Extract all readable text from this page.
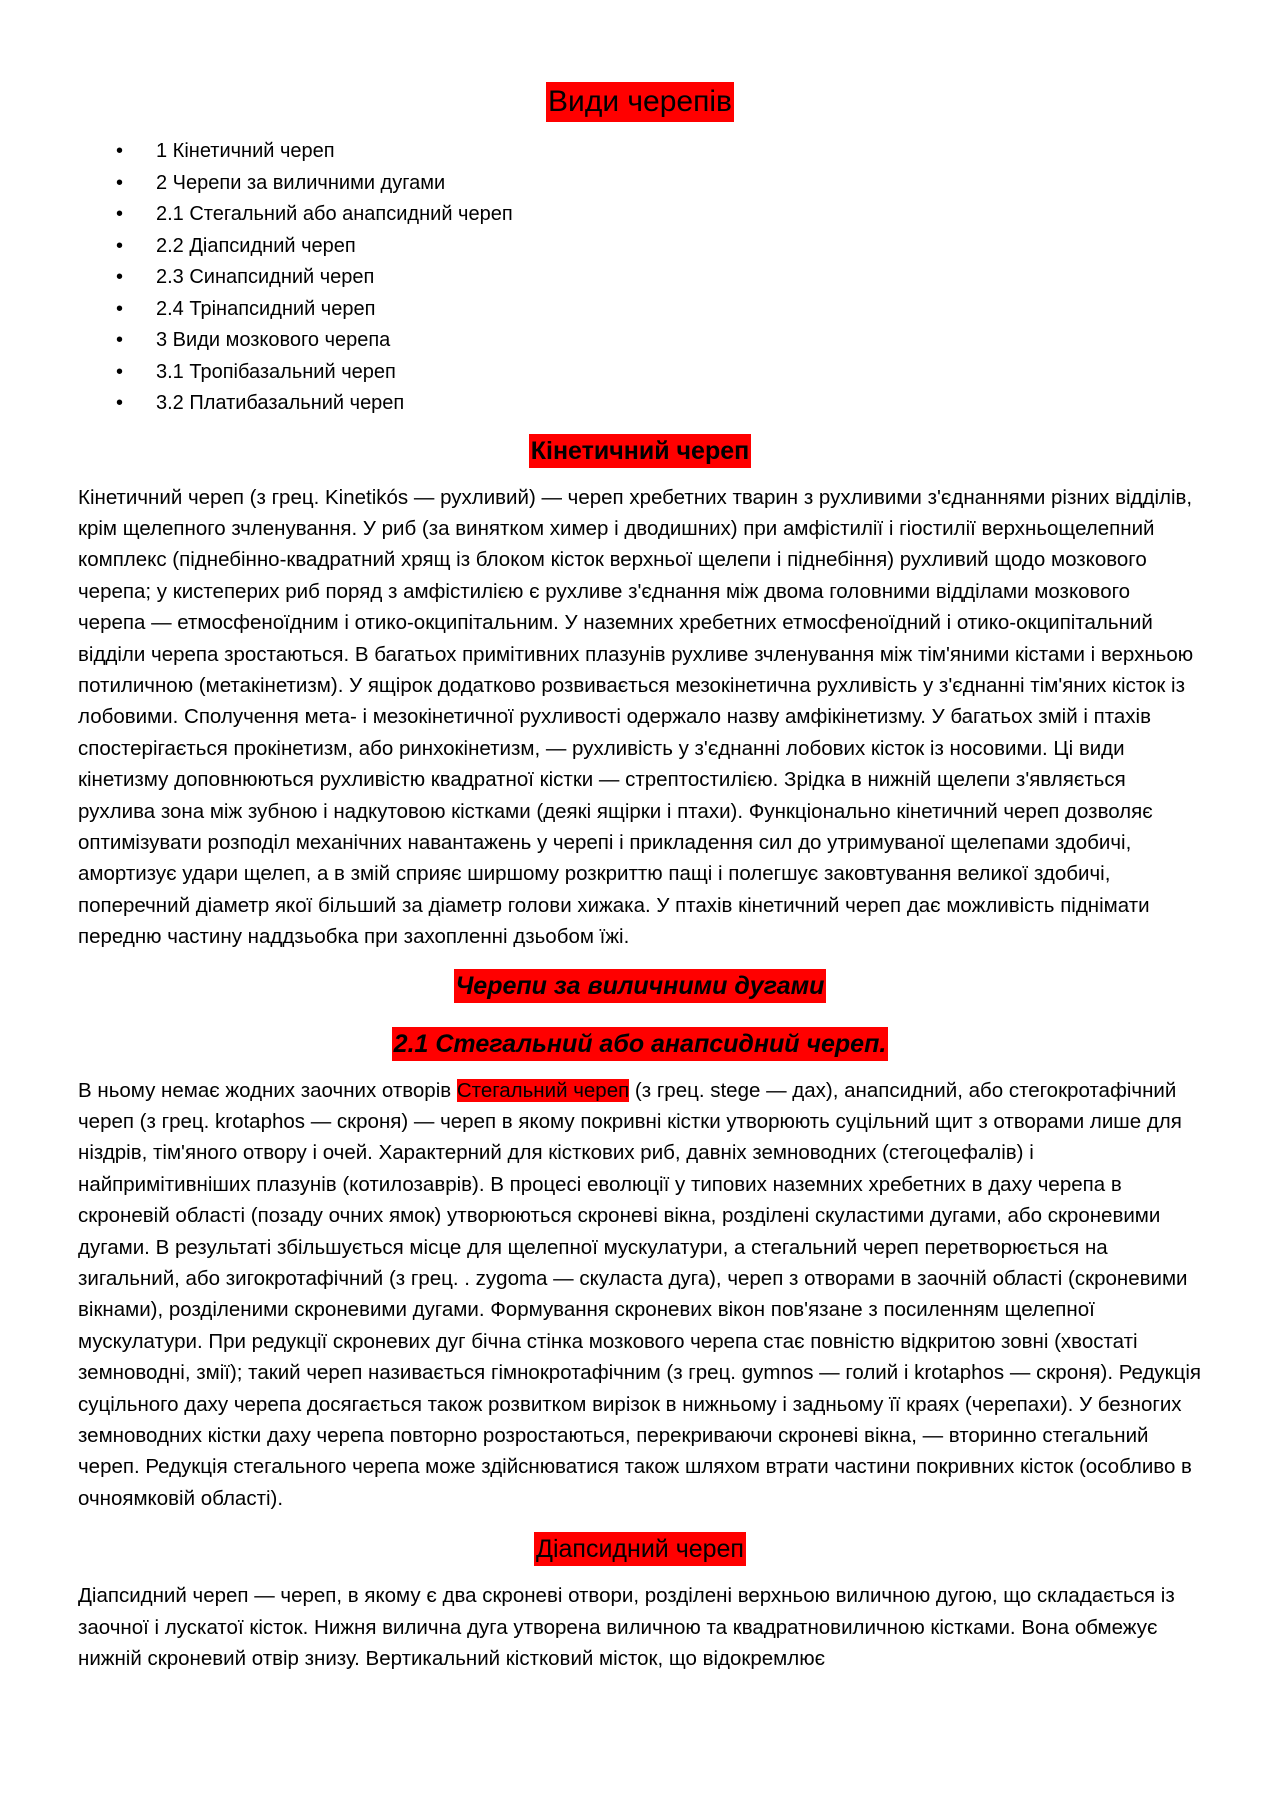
Види черепів
• 1 Кінетичний череп
• 2 Черепи за виличними дугами
• 2.1 Стегальний або анапсидний череп
• 2.2 Діапсидний череп
• 2.3 Синапсидний череп
• 2.4 Трінапсидний череп
• 3 Види мозкового черепа
• 3.1 Тропібазальний череп
• 3.2 Платибазальний череп
Кінетичний череп

Кінетичний череп (з грец. Kinetikós — рухливий) — череп хребетних тварин з рухливими з'єднаннями різних відділів, крім щелепного зчленування. У риб (за винятком химер і дводишних) при амфістилії і гіостилії верхньощелепний комплекс (піднебінно-квадратний хрящ із блоком кісток верхньої щелепи і піднебіння) рухливий щодо мозкового черепа; у кистеперих риб поряд з амфістилією є рухливе з'єднання між двома головними відділами мозкового черепа — етмосфеноїдним і отико-окципітальним. У наземних хребетних етмосфеноїдний і отико-окципітальний відділи черепа зростаються. В багатьох примітивних плазунів рухливе зчленування між тім'яними кістами і верхньою потиличною (метакінетизм). У ящірок додатково розвивається мезокінетична рухливість у з'єднанні тім'яних кісток із лобовими. Сполучення мета- і мезокінетичної рухливості одержало назву амфікінетизму. У багатьох змій і птахів спостерігається прокінетизм, або ринхокінетизм, — рухливість у з'єднанні лобових кісток із носовими. Ці види кінетизму доповнюються рухливістю квадратної кістки — стрептостилією. Зрідка в нижній щелепи з'являється рухлива зона між зубною і надкутовою кістками (деякі ящірки і птахи). Функціонально кінетичний череп дозволяє оптимізувати розподіл механічних навантажень у черепі і прикладення сил до утримуваної щелепами здобичі, амортизує удари щелеп, а в змій сприяє ширшому розкриттю пащі і полегшує заковтування великої здобичі, поперечний діаметр якої більший за діаметр голови хижака. У птахів кінетичний череп дає можливість піднімати передню частину наддзьобка при захопленні дзьобом їжі.

Черепи за виличними дугами
2.1 Стегальний або анапсидний череп.

В ньому немає жодних заочних отворів Стегальний череп (з грец. stege — дах), анапсидний, або стегокротафічний череп (з грец. krotaphos — скроня) — череп в якому покривні кістки утворюють суцільний щит з отворами лише для ніздрів, тім'яного отвору і очей. Характерний для кісткових риб, давніх земноводних (стегоцефалів) і найпримітивніших плазунів (котилозаврів). В процесі еволюції у типових наземних хребетних в даху черепа в скроневій області (позаду очних ямок) утворюються скроневі вікна, розділені скуластими дугами, або скроневими дугами. В результаті збільшується місце для щелепної мускулатури, а стегальний череп перетворюється на зигальний, або зигокротафічний (з грец. . zygoma — скуласта дуга), череп з отворами в заочній області (скроневими вікнами), розділеними скроневими дугами. Формування скроневих вікон пов'язане з посиленням щелепної мускулатури. При редукції скроневих дуг бічна стінка мозкового черепа стає повністю відкритою зовні (хвостаті земноводні, змії); такий череп називається гімнокротафічним (з грец. gymnos — голий і krotaphos — скроня). Редукція суцільного даху черепа досягається також розвитком вирізок в нижньому і задньому її краях (черепахи). У безногих земноводних кістки даху черепа повторно розростаються, перекриваючи скроневі вікна, — вторинно стегальний череп. Редукція стегального черепа може здійснюватися також шляхом втрати частини покривних кісток (особливо в очноямковій області).

Діапсидний череп

Діапсидний череп — череп, в якому є два скроневі отвори, розділені верхньою виличною дугою, що складається із заочної і лускатої кісток. Нижня вилична дуга утворена виличною та квадратновиличною кістками. Вона обмежує нижній скроневий отвір знизу. Вертикальний кістковий місток, що відокремлює
